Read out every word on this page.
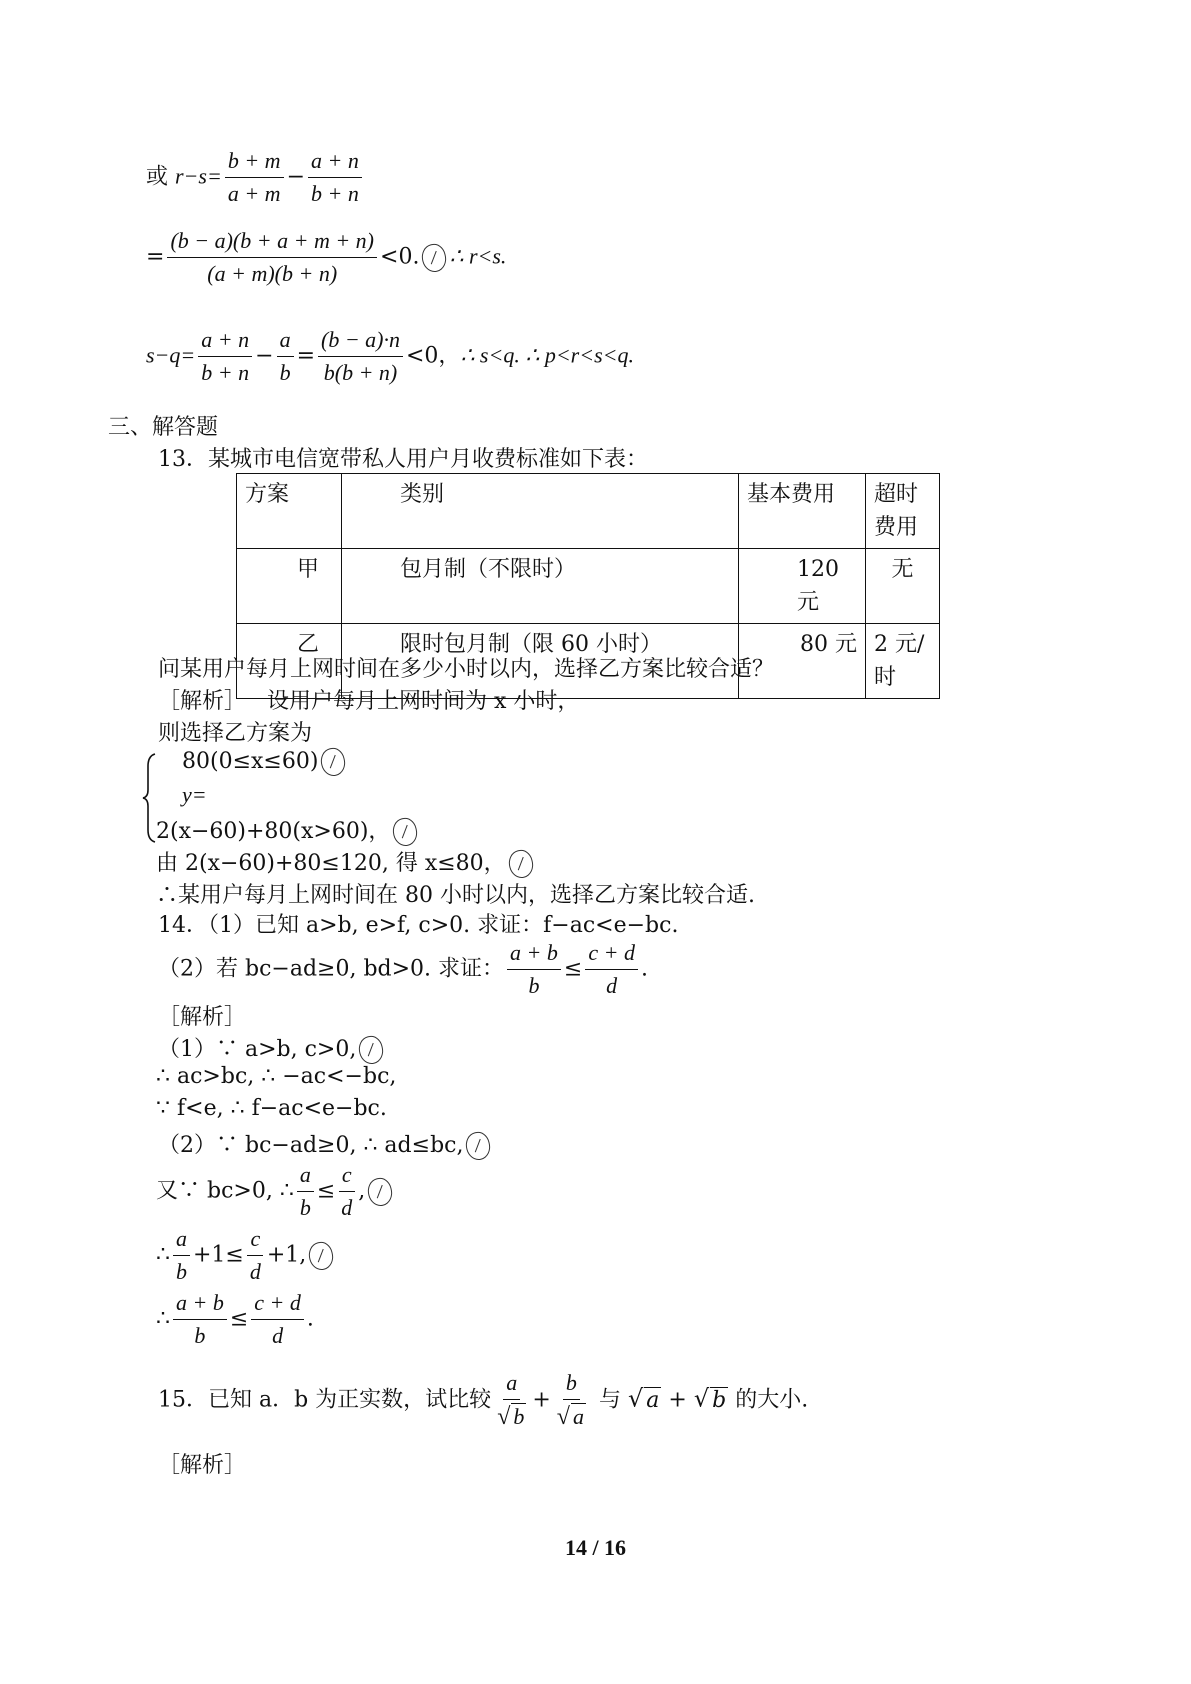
或 $r-s= \frac{b + m}{a + m} - \frac{a + n}{b + n}$
= $\frac{(b - a)(b + a + m + n)}{(a + m)(b + n)} <0$. ∴ r<s.
$s-q= \frac{a + n}{b + n} - \frac{a}{b} = \frac{(b - a)\cdot n}{b(b + n)} <0$，∴ s<q. ∴ p<r<s<q.
三、解答题
13．某城市电信宽带私人用户月收费标准如下表：
方案	类别	基本费用	超时费用
甲	包月制（不限时）	120元	无
乙	限时包月制（限 60 小时）	80 元	2 元/时
问某用户每月上网时间在多少小时以内，选择乙方案比较合适？
［解析］ 设用户每月上网时间为 x 小时，
则选择乙方案为
80(0≤x≤60)
y=
2(x−60)+80(x>60)，
由 2(x−60)+80≤120, 得 x≤80，
∴某用户每月上网时间在 80 小时以内，选择乙方案比较合适.
14．（1）已知 a>b, e>f, c>0. 求证：f−ac<e−bc.
（2）若 bc−ad≥0, bd>0. 求证： $\frac{a + b}{b} \le \frac{c + d}{d}$ .
［解析］
（1）∵ a>b, c>0,
∴ ac>bc, ∴ −ac<−bc,
∵ f<e, ∴ f−ac<e−bc.
（2）∵ bc−ad≥0, ∴ ad≤bc,
又∵ bc>0, ∴ $\frac{a}{b} \le \frac{c}{d}$ ,
∴ $\frac{a}{b} +1\le \frac{c}{d} +1$,
∴ $\frac{a + b}{b} \le \frac{c + d}{d}$ .
15．已知 a．b 为正实数，试比较 $\frac{a}{√ b} + \frac{b}{√ a}$ 与 √ a + √ b 的大小.
［解析］
14 / 16
